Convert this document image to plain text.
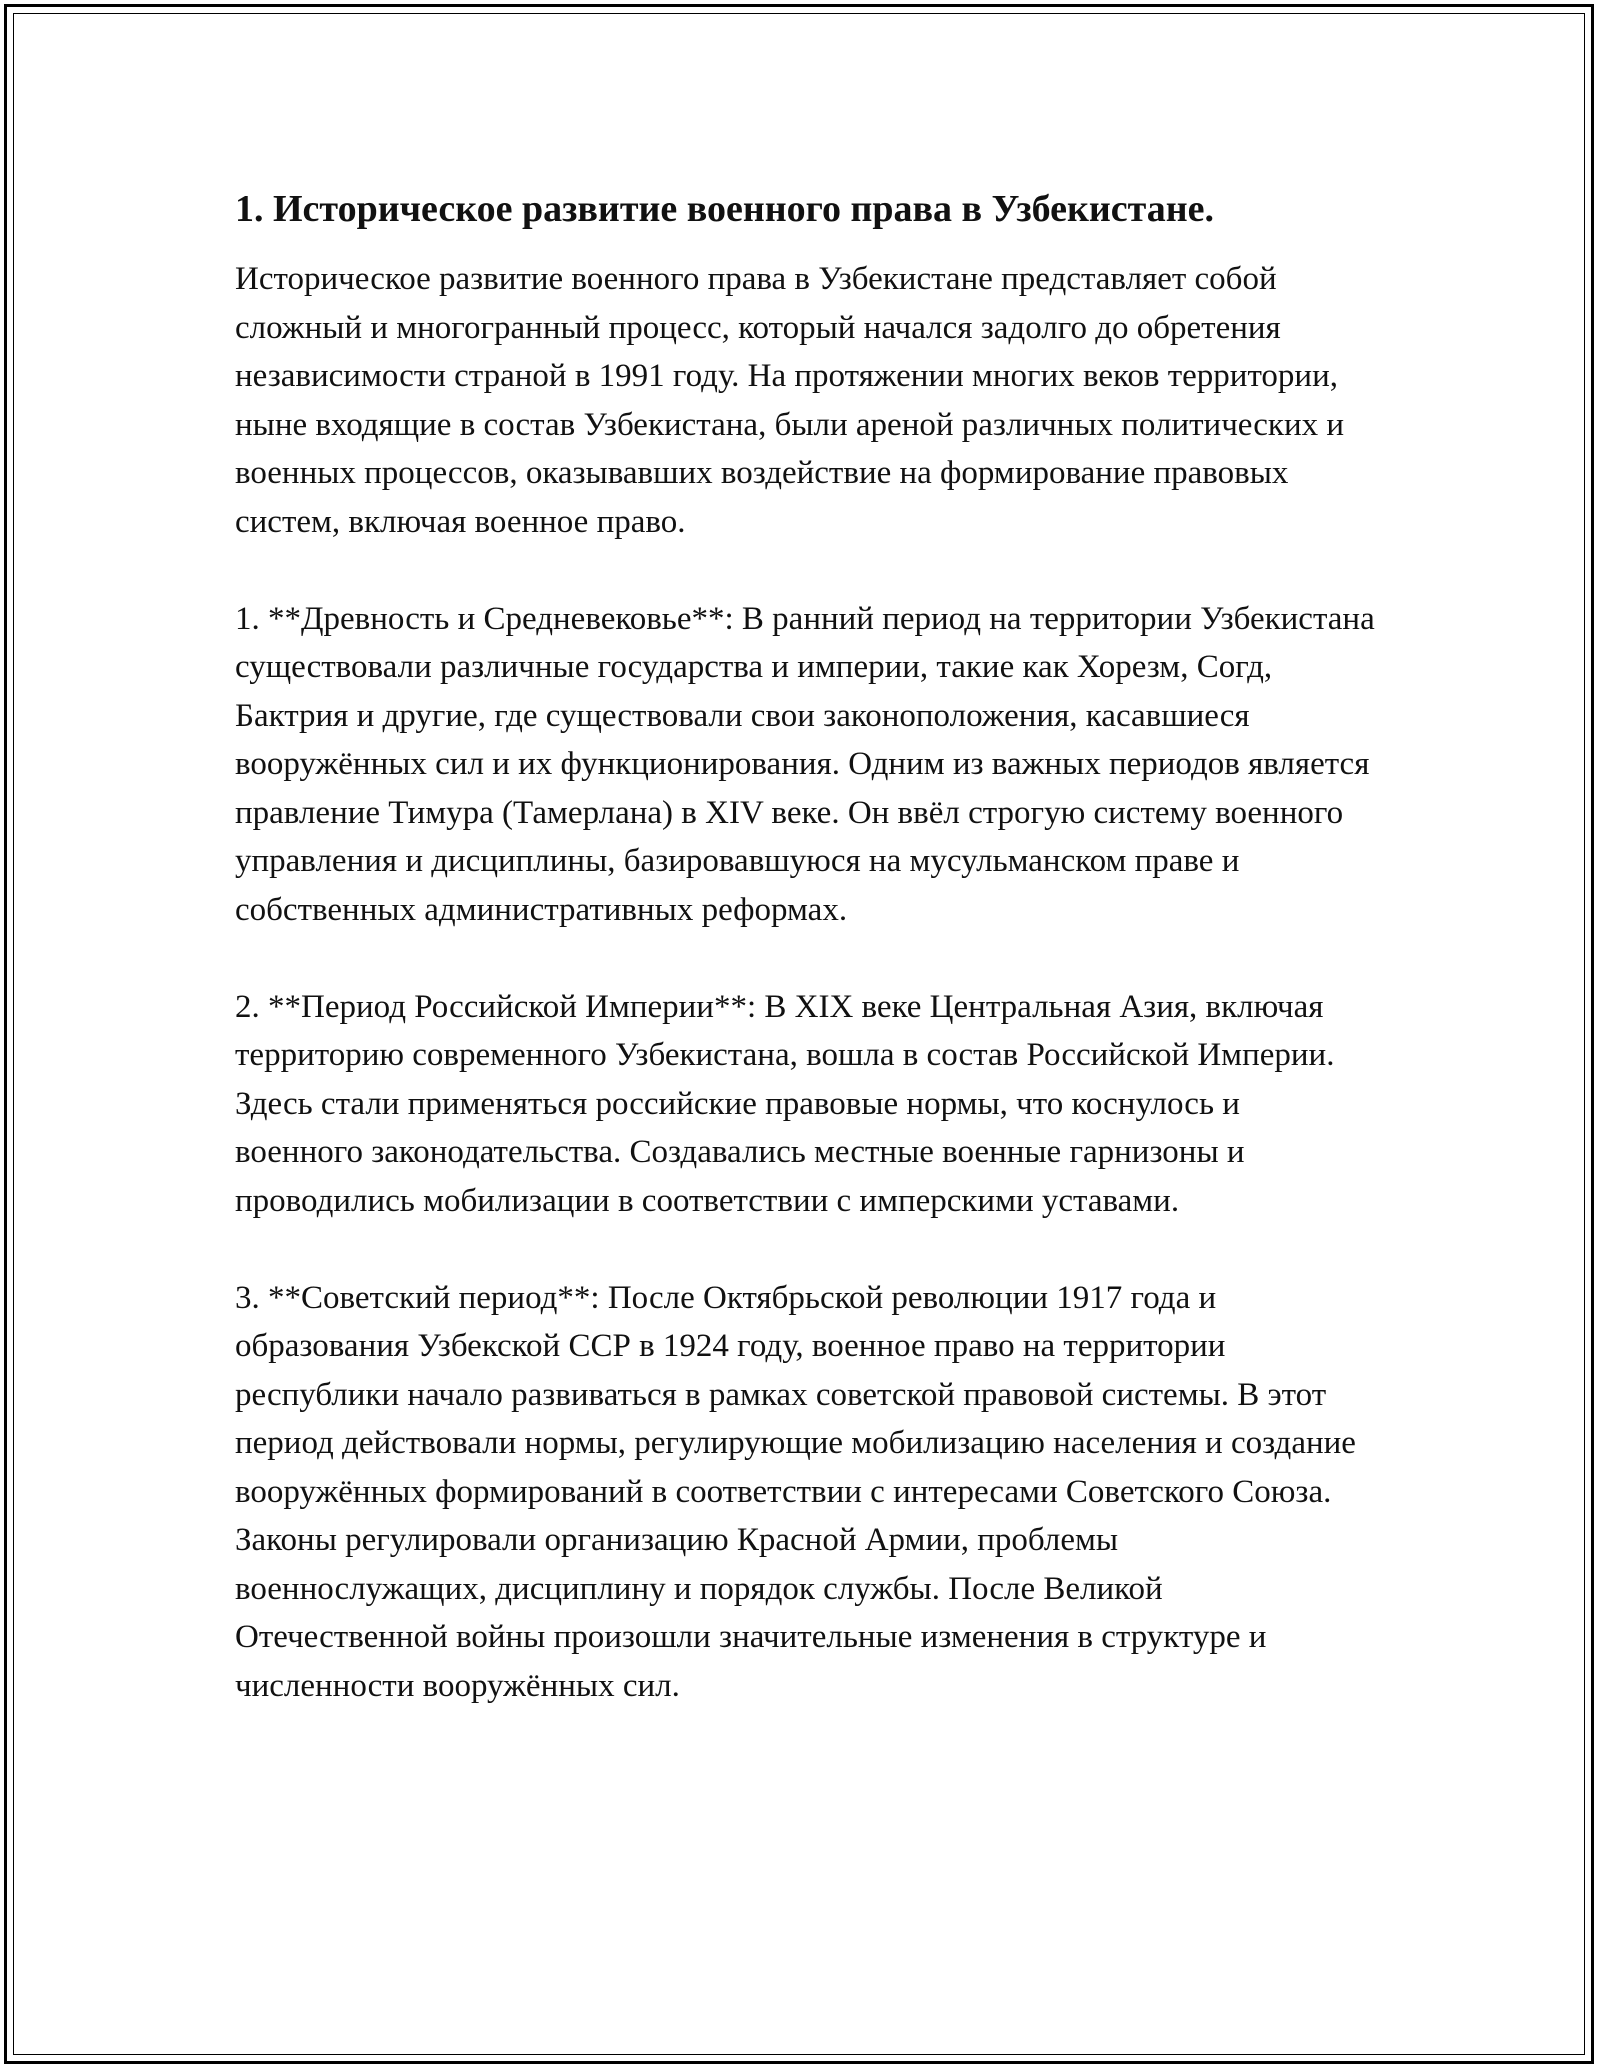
1. Историческое развитие военного права в Узбекистане.

Историческое развитие военного права в Узбекистане представляет собой сложный и многогранный процесс, который начался задолго до обретения независимости страной в 1991 году. На протяжении многих веков территории, ныне входящие в состав Узбекистана, были ареной различных политических и военных процессов, оказывавших воздействие на формирование правовых систем, включая военное право.

1. **Древность и Средневековье**: В ранний период на территории Узбекистана существовали различные государства и империи, такие как Хорезм, Согд, Бактрия и другие, где существовали свои законоположения, касавшиеся вооружённых сил и их функционирования. Одним из важных периодов является правление Тимура (Тамерлана) в XIV веке. Он ввёл строгую систему военного управления и дисциплины, базировавшуюся на мусульманском праве и собственных административных реформах.

2. **Период Российской Империи**: В XIX веке Центральная Азия, включая территорию современного Узбекистана, вошла в состав Российской Империи. Здесь стали применяться российские правовые нормы, что коснулось и военного законодательства. Создавались местные военные гарнизоны и проводились мобилизации в соответствии с имперскими уставами.

3. **Советский период**: После Октябрьской революции 1917 года и образования Узбекской ССР в 1924 году, военное право на территории республики начало развиваться в рамках советской правовой системы. В этот период действовали нормы, регулирующие мобилизацию населения и создание вооружённых формирований в соответствии с интересами Советского Союза. Законы регулировали организацию Красной Армии, проблемы военнослужащих, дисциплину и порядок службы. После Великой Отечественной войны произошли значительные изменения в структуре и численности вооружённых сил.
